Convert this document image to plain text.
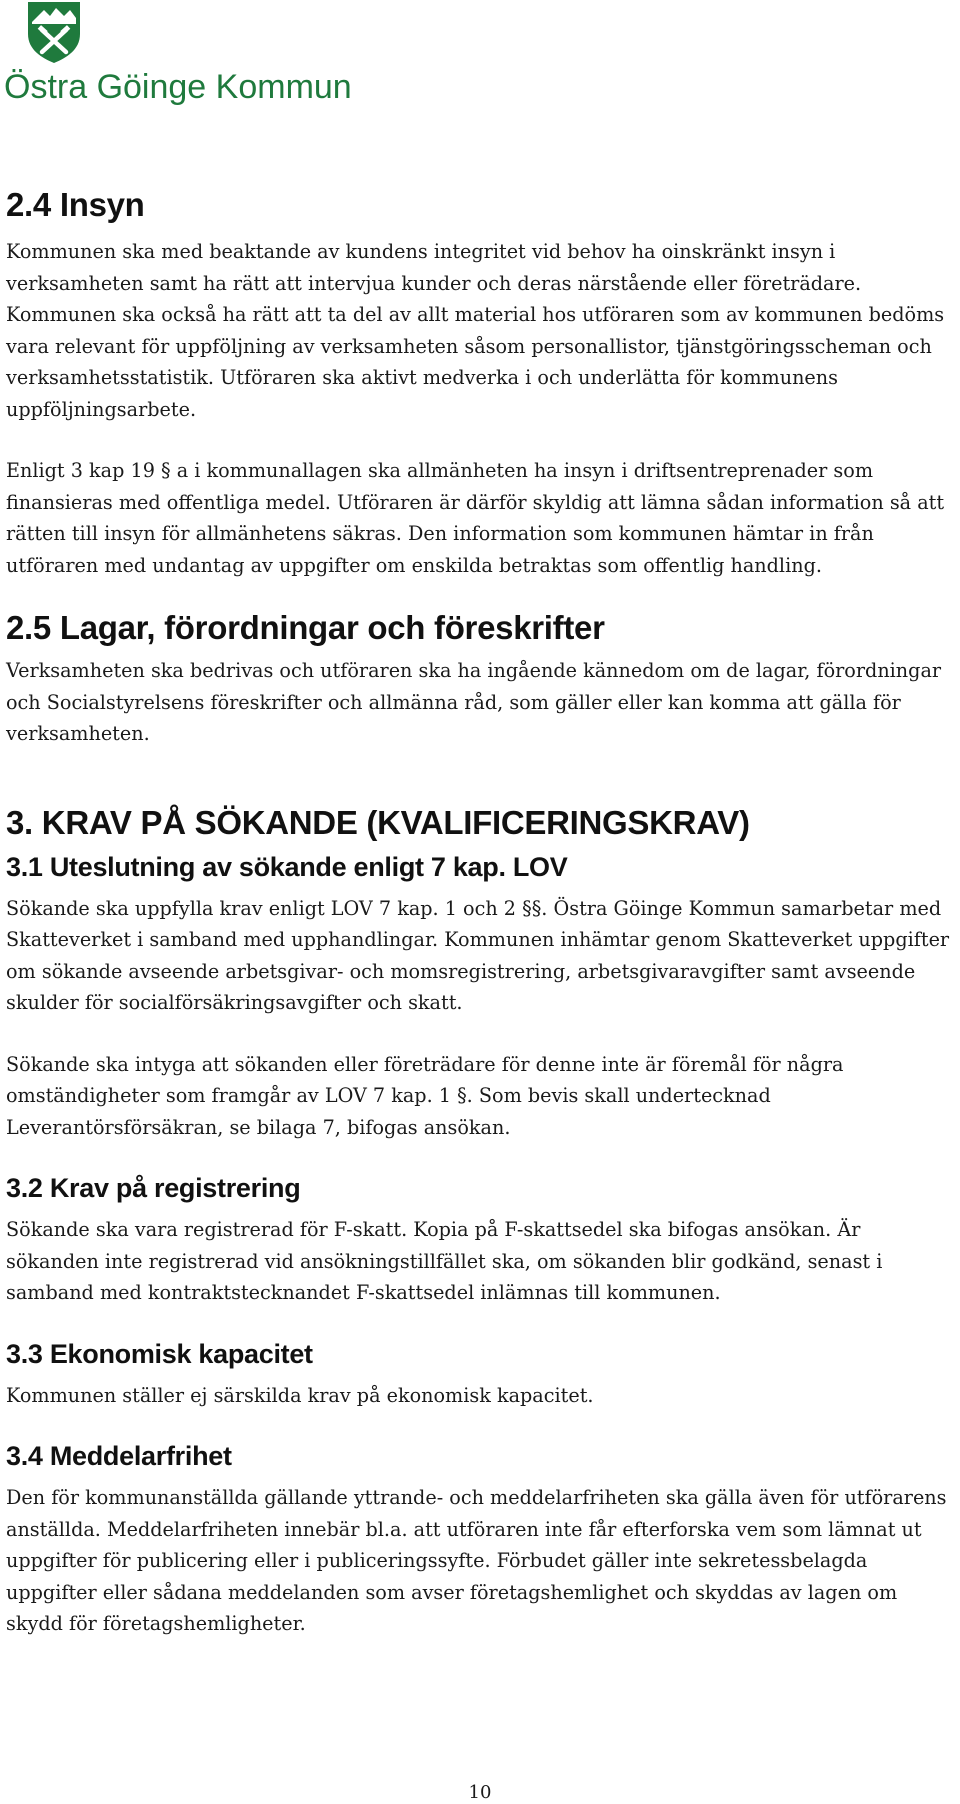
Östra Göinge Kommun
2.4 Insyn

Kommunen ska med beaktande av kundens integritet vid behov ha oinskränkt insyn i verksamheten samt ha rätt att intervjua kunder och deras närstående eller företrädare. Kommunen ska också ha rätt att ta del av allt material hos utföraren som av kommunen bedöms vara relevant för uppföljning av verksamheten såsom personallistor, tjänstgöringsscheman och verksamhetsstatistik. Utföraren ska aktivt medverka i och underlätta för kommunens uppföljningsarbete.

Enligt 3 kap 19 § a i kommunallagen ska allmänheten ha insyn i driftsentreprenader som finansieras med offentliga medel. Utföraren är därför skyldig att lämna sådan information så att rätten till insyn för allmänhetens säkras. Den information som kommunen hämtar in från utföraren med undantag av uppgifter om enskilda betraktas som offentlig handling.

2.5 Lagar, förordningar och föreskrifter

Verksamheten ska bedrivas och utföraren ska ha ingående kännedom om de lagar, förordningar och Socialstyrelsens föreskrifter och allmänna råd, som gäller eller kan komma att gälla för verksamheten.

3. KRAV PÅ SÖKANDE (KVALIFICERINGSKRAV)
3.1 Uteslutning av sökande enligt 7 kap. LOV

Sökande ska uppfylla krav enligt LOV 7 kap. 1 och 2 §§. Östra Göinge Kommun samarbetar med Skatteverket i samband med upphandlingar. Kommunen inhämtar genom Skatteverket uppgifter om sökande avseende arbetsgivar- och momsregistrering, arbetsgivaravgifter samt avseende skulder för socialförsäkringsavgifter och skatt.

Sökande ska intyga att sökanden eller företrädare för denne inte är föremål för några omständigheter som framgår av LOV 7 kap. 1 §. Som bevis skall undertecknad Leverantörsförsäkran, se bilaga 7, bifogas ansökan.

3.2 Krav på registrering

Sökande ska vara registrerad för F-skatt. Kopia på F-skattsedel ska bifogas ansökan. Är sökanden inte registrerad vid ansökningstillfället ska, om sökanden blir godkänd, senast i samband med kontraktstecknandet F-skattsedel inlämnas till kommunen.

3.3 Ekonomisk kapacitet

Kommunen ställer ej särskilda krav på ekonomisk kapacitet.

3.4 Meddelarfrihet

Den för kommunanställda gällande yttrande- och meddelarfriheten ska gälla även för utförarens anställda. Meddelarfriheten innebär bl.a. att utföraren inte får efterforska vem som lämnat ut uppgifter för publicering eller i publiceringssyfte. Förbudet gäller inte sekretessbelagda uppgifter eller sådana meddelanden som avser företagshemlighet och skyddas av lagen om skydd för företagshemligheter.

10
